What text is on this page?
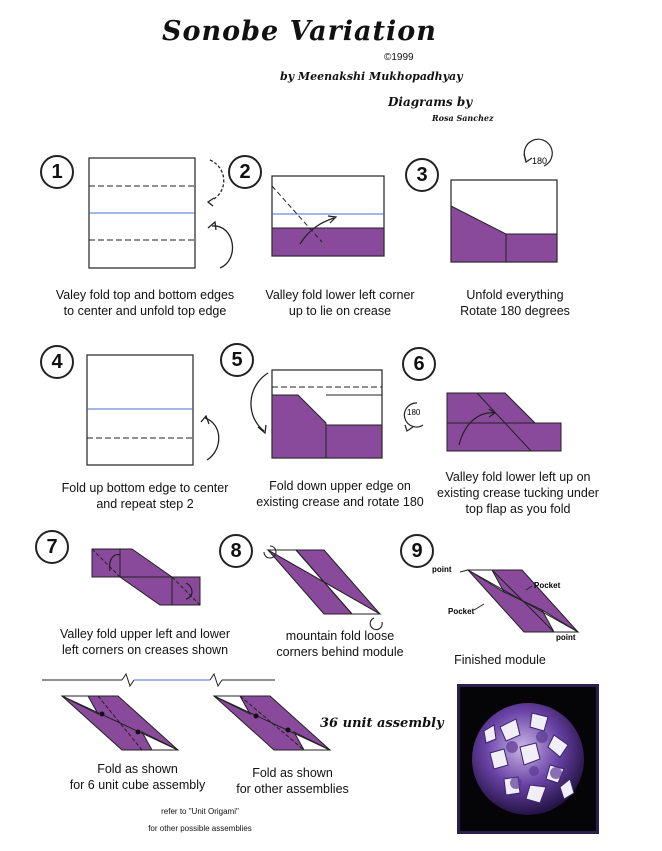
Sonobe Variation
©1999
by Meenakshi Mukhopadhyay
Diagrams by
Rosa Sanchez
1	2	3
180
Valey fold top and bottom edges
to center and unfold top edge
Valley fold lower left corner
up to lie on crease
Unfold everything
Rotate 180 degrees
4	5	6
180
Fold up bottom edge to center
and repeat step 2
Fold down upper edge on
existing crease and rotate 180
Valley fold lower left up on
existing crease tucking under
top flap as you fold
7	8	9
point
point
Pocket
Pocket
Valley fold upper left and lower
left corners on creases shown
mountain fold loose
corners behind module
Finished module
36 unit assembly
Fold as shown
for 6 unit cube assembly
Fold as shown
for other assemblies
refer to "Unit Origami"
for other possible assemblies
